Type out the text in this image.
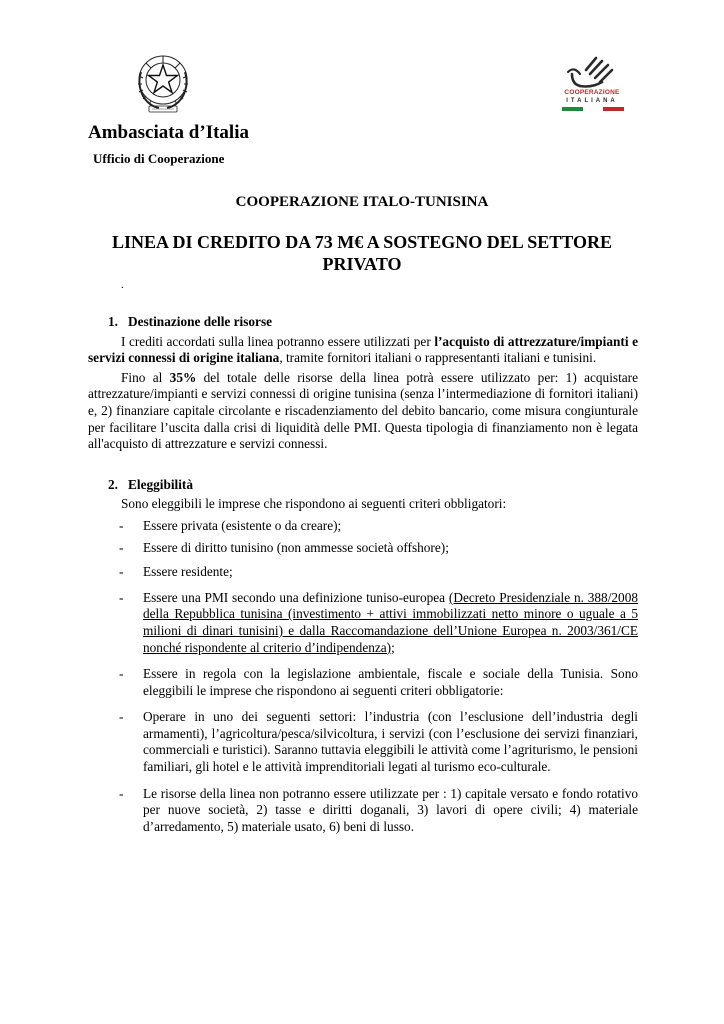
COOPERAZIONE
ITALIANA
Ambasciata d’Italia
Ufficio di Cooperazione
COOPERAZIONE ITALO-TUNISINA
LINEA DI CREDITO DA 73 M€ A SOSTEGNO DEL SETTORE PRIVATO
.
1. Destinazione delle risorse

I crediti accordati sulla linea potranno essere utilizzati per l’acquisto di attrezzature/impianti e servizi connessi di origine italiana, tramite fornitori italiani o rappresentanti italiani e tunisini.

Fino al 35% del totale delle risorse della linea potrà essere utilizzato per: 1) acquistare attrezzature/impianti e servizi connessi di origine tunisina (senza l’intermediazione di fornitori italiani) e, 2) finanziare capitale circolante e riscadenziamento del debito bancario, come misura congiunturale per facilitare l’uscita dalla crisi di liquidità delle PMI. Questa tipologia di finanziamento non è legata all'acquisto di attrezzature e servizi connessi.

2. Eleggibilità

Sono eleggibili le imprese che rispondono ai seguenti criteri obbligatori:

- Essere privata (esistente o da creare);
- Essere di diritto tunisino (non ammesse società offshore);
- Essere residente;
- Essere una PMI secondo una definizione tuniso-europea (Decreto Presidenziale n. 388/2008 della Repubblica tunisina (investimento + attivi immobilizzati netto minore o uguale a 5 milioni di dinari tunisini) e dalla Raccomandazione dell’Unione Europea n. 2003/361/CE nonché rispondente al criterio d’indipendenza);
- Essere in regola con la legislazione ambientale, fiscale e sociale della Tunisia. Sono eleggibili le imprese che rispondono ai seguenti criteri obbligatorie:
- Operare in uno dei seguenti settori: l’industria (con l’esclusione dell’industria degli armamenti), l’agricoltura/pesca/silvicoltura, i servizi (con l’esclusione dei servizi finanziari, commerciali e turistici). Saranno tuttavia eleggibili le attività come l’agriturismo, le pensioni familiari, gli hotel e le attività imprenditoriali legati al turismo eco-culturale.
- Le risorse della linea non potranno essere utilizzate per : 1) capitale versato e fondo rotativo per nuove società, 2) tasse e diritti doganali, 3) lavori di opere civili; 4) materiale d’arredamento, 5) materiale usato, 6) beni di lusso.
